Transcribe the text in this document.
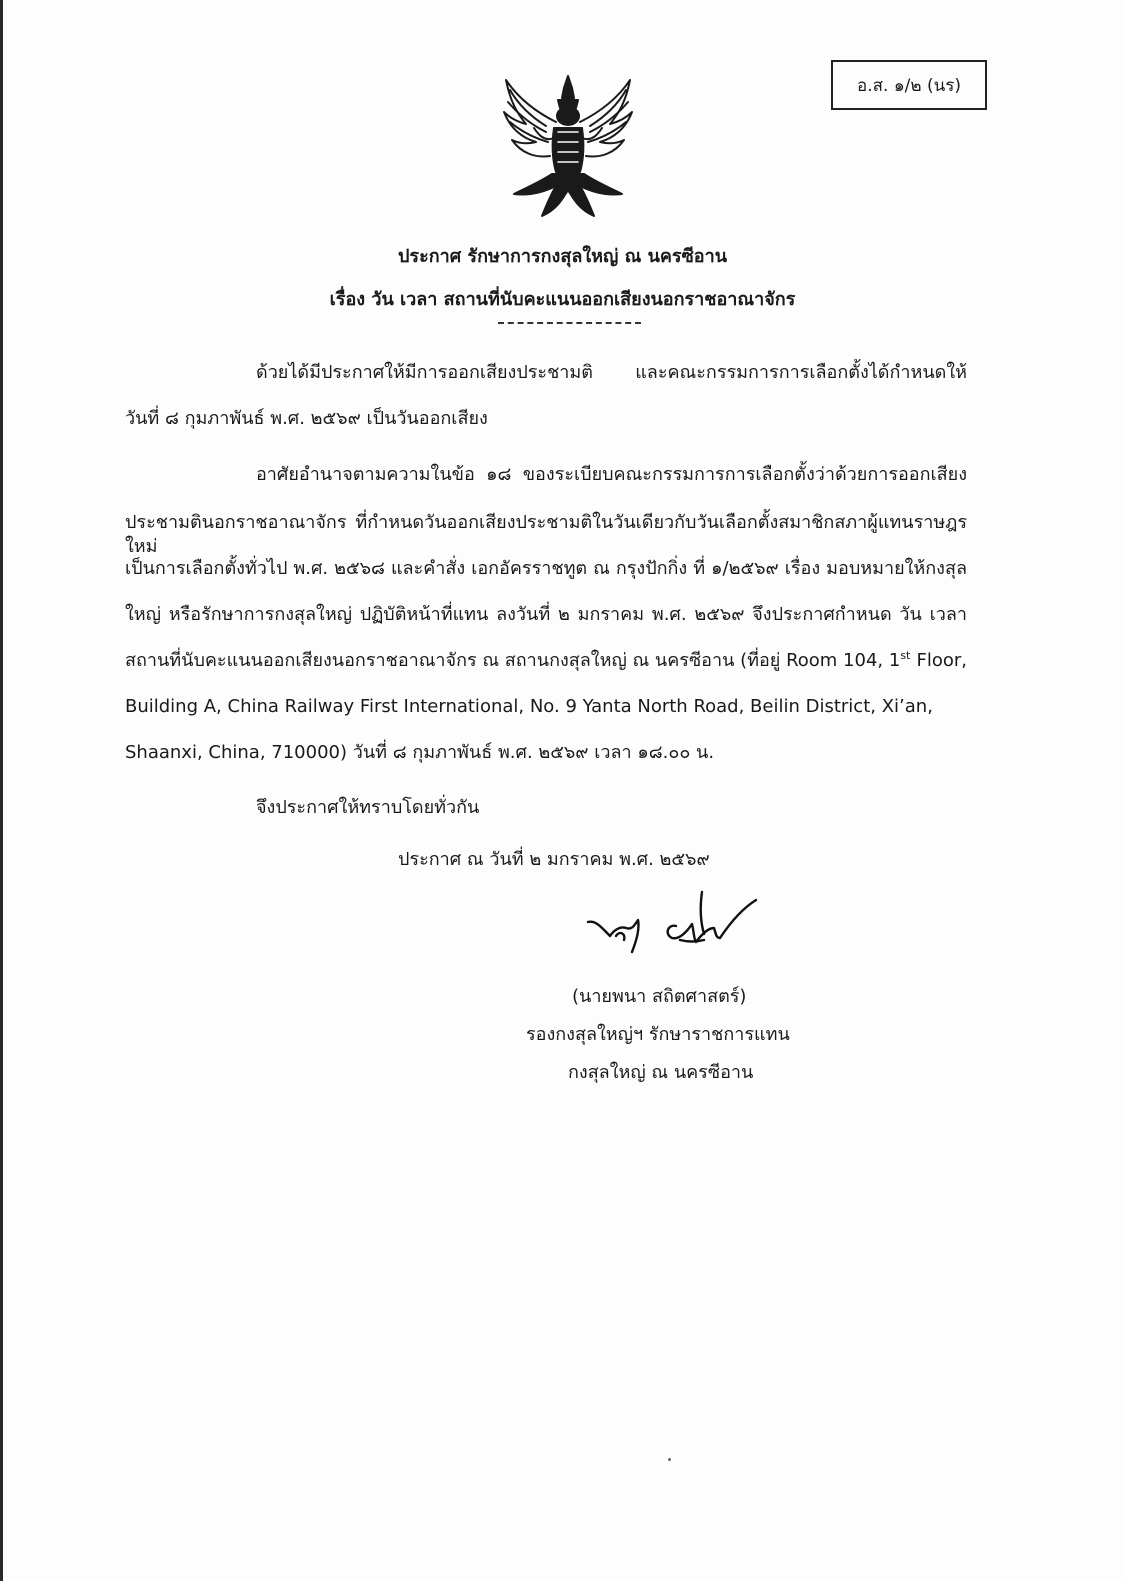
อ.ส. ๑/๒ (นร)
ประกาศ รักษาการกงสุลใหญ่ ณ นครซีอาน
เรื่อง วัน เวลา สถานที่นับคะแนนออกเสียงนอกราชอาณาจักร
ด้วยได้มีประกาศให้มีการออกเสียงประชามติ และคณะกรรมการการเลือกตั้งได้กำหนดให้
วันที่ ๘ กุมภาพันธ์ พ.ศ. ๒๕๖๙ เป็นวันออกเสียง
อาศัยอำนาจตามความในข้อ ๑๘ ของระเบียบคณะกรรมการการเลือกตั้งว่าด้วยการออกเสียง
ประชามตินอกราชอาณาจักร ที่กำหนดวันออกเสียงประชามติในวันเดียวกับวันเลือกตั้งสมาชิกสภาผู้แทนราษฎรใหม่
เป็นการเลือกตั้งทั่วไป พ.ศ. ๒๕๖๘ และคำสั่ง เอกอัครราชทูต ณ กรุงปักกิ่ง ที่ ๑/๒๕๖๙ เรื่อง มอบหมายให้กงสุล
ใหญ่ หรือรักษาการกงสุลใหญ่ ปฏิบัติหน้าที่แทน ลงวันที่ ๒ มกราคม พ.ศ. ๒๕๖๙ จึงประกาศกำหนด วัน เวลา
สถานที่นับคะแนนออกเสียงนอกราชอาณาจักร ณ สถานกงสุลใหญ่ ณ นครซีอาน (ที่อยู่ Room 104, 1st Floor,
Building A, China Railway First International, No. 9 Yanta North Road, Beilin District, Xi’an,
Shaanxi, China, 710000) วันที่ ๘ กุมภาพันธ์ พ.ศ. ๒๕๖๙ เวลา ๑๘.๐๐ น.
จึงประกาศให้ทราบโดยทั่วกัน
ประกาศ ณ วันที่ ๒ มกราคม พ.ศ. ๒๕๖๙
(นายพนา สถิตศาสตร์)
รองกงสุลใหญ่ฯ รักษาราชการแทน
กงสุลใหญ่ ณ นครซีอาน
